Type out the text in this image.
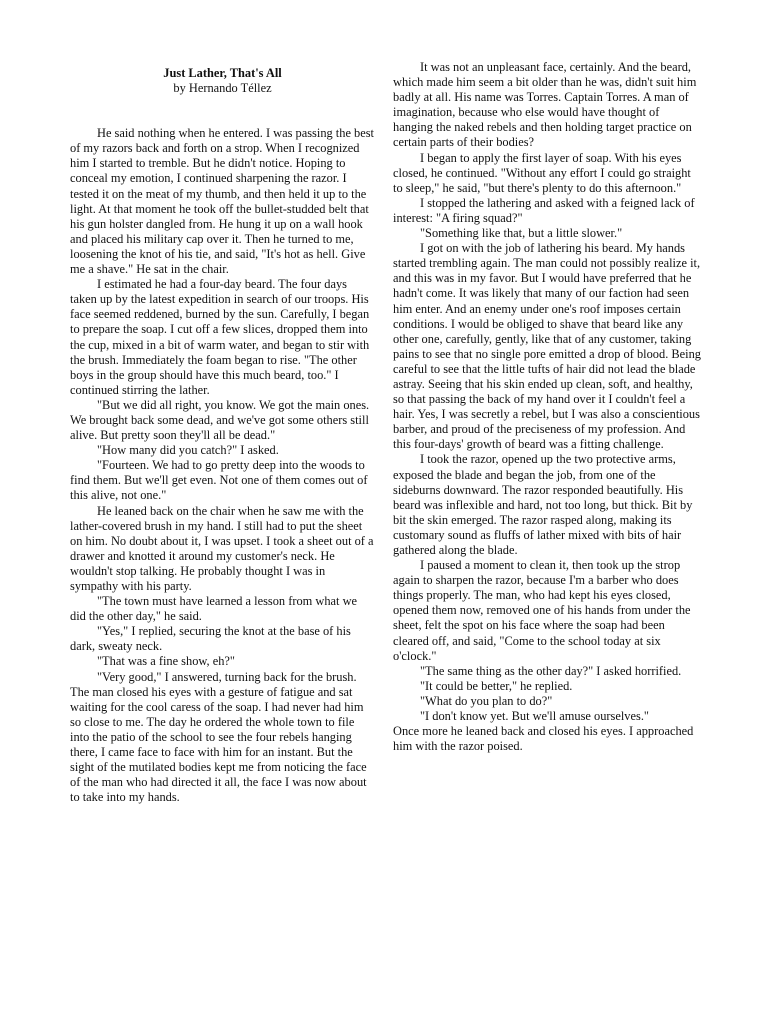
Just Lather, That's All

by Hernando Téllez

He said nothing when he entered. I was passing the best of my razors back and forth on a strop. When I recognized him I started to tremble. But he didn't notice. Hoping to conceal my emotion, I continued sharpening the razor. I tested it on the meat of my thumb, and then held it up to the light. At that moment he took off the bullet-studded belt that his gun holster dangled from. He hung it up on a wall hook and placed his military cap over it. Then he turned to me, loosening the knot of his tie, and said, "It's hot as hell. Give me a shave." He sat in the chair.

I estimated he had a four-day beard. The four days taken up by the latest expedition in search of our troops. His face seemed reddened, burned by the sun. Carefully, I began to prepare the soap. I cut off a few slices, dropped them into the cup, mixed in a bit of warm water, and began to stir with the brush. Immediately the foam began to rise. "The other boys in the group should have this much beard, too." I continued stirring the lather.

"But we did all right, you know. We got the main ones. We brought back some dead, and we've got some others still alive. But pretty soon they'll all be dead."

"How many did you catch?" I asked.

"Fourteen. We had to go pretty deep into the woods to find them. But we'll get even. Not one of them comes out of this alive, not one."

He leaned back on the chair when he saw me with the lather-covered brush in my hand. I still had to put the sheet on him. No doubt about it, I was upset. I took a sheet out of a drawer and knotted it around my customer's neck. He wouldn't stop talking. He probably thought I was in sympathy with his party.

"The town must have learned a lesson from what we did the other day," he said.

"Yes," I replied, securing the knot at the base of his dark, sweaty neck.

"That was a fine show, eh?"

"Very good," I answered, turning back for the brush. The man closed his eyes with a gesture of fatigue and sat waiting for the cool caress of the soap. I had never had him so close to me. The day he ordered the whole town to file into the patio of the school to see the four rebels hanging there, I came face to face with him for an instant. But the sight of the mutilated bodies kept me from noticing the face of the man who had directed it all, the face I was now about to take into my hands.

It was not an unpleasant face, certainly. And the beard, which made him seem a bit older than he was, didn't suit him badly at all. His name was Torres. Captain Torres. A man of imagination, because who else would have thought of hanging the naked rebels and then holding target practice on certain parts of their bodies?

I began to apply the first layer of soap. With his eyes closed, he continued. "Without any effort I could go straight to sleep," he said, "but there's plenty to do this afternoon."

I stopped the lathering and asked with a feigned lack of interest: "A firing squad?"

"Something like that, but a little slower."

I got on with the job of lathering his beard. My hands started trembling again. The man could not possibly realize it, and this was in my favor. But I would have preferred that he hadn't come. It was likely that many of our faction had seen him enter. And an enemy under one's roof imposes certain conditions. I would be obliged to shave that beard like any other one, carefully, gently, like that of any customer, taking pains to see that no single pore emitted a drop of blood. Being careful to see that the little tufts of hair did not lead the blade astray. Seeing that his skin ended up clean, soft, and healthy, so that passing the back of my hand over it I couldn't feel a hair. Yes, I was secretly a rebel, but I was also a conscientious barber, and proud of the preciseness of my profession. And this four-days' growth of beard was a fitting challenge.

I took the razor, opened up the two protective arms, exposed the blade and began the job, from one of the sideburns downward. The razor responded beautifully. His beard was inflexible and hard, not too long, but thick. Bit by bit the skin emerged. The razor rasped along, making its customary sound as fluffs of lather mixed with bits of hair gathered along the blade.

I paused a moment to clean it, then took up the strop again to sharpen the razor, because I'm a barber who does things properly. The man, who had kept his eyes closed, opened them now, removed one of his hands from under the sheet, felt the spot on his face where the soap had been cleared off, and said, "Come to the school today at six o'clock."

"The same thing as the other day?" I asked horrified.

"It could be better," he replied.

"What do you plan to do?"

"I don't know yet. But we'll amuse ourselves."

Once more he leaned back and closed his eyes. I approached him with the razor poised.
